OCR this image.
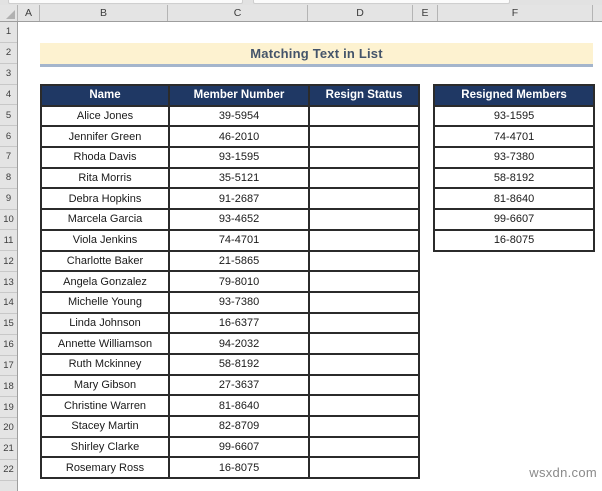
A	B	C	D	E	F
1
2
3
4
5
6
7
8
9
10
11
12
13
14
15
16
17
18
19
20
21
22
Matching Text in List
Name	Member Number	Resign Status
Alice Jones	39-5954	
Jennifer Green	46-2010	
Rhoda Davis	93-1595	
Rita Morris	35-5121	
Debra Hopkins	91-2687	
Marcela Garcia	93-4652	
Viola Jenkins	74-4701	
Charlotte Baker	21-5865	
Angela Gonzalez	79-8010	
Michelle Young	93-7380	
Linda Johnson	16-6377	
Annette Williamson	94-2032	
Ruth Mckinney	58-8192	
Mary Gibson	27-3637	
Christine Warren	81-8640	
Stacey Martin	82-8709	
Shirley Clarke	99-6607	
Rosemary Ross	16-8075	
Resigned Members
93-1595
74-4701
93-7380
58-8192
81-8640
99-6607
16-8075
wsxdn.com
